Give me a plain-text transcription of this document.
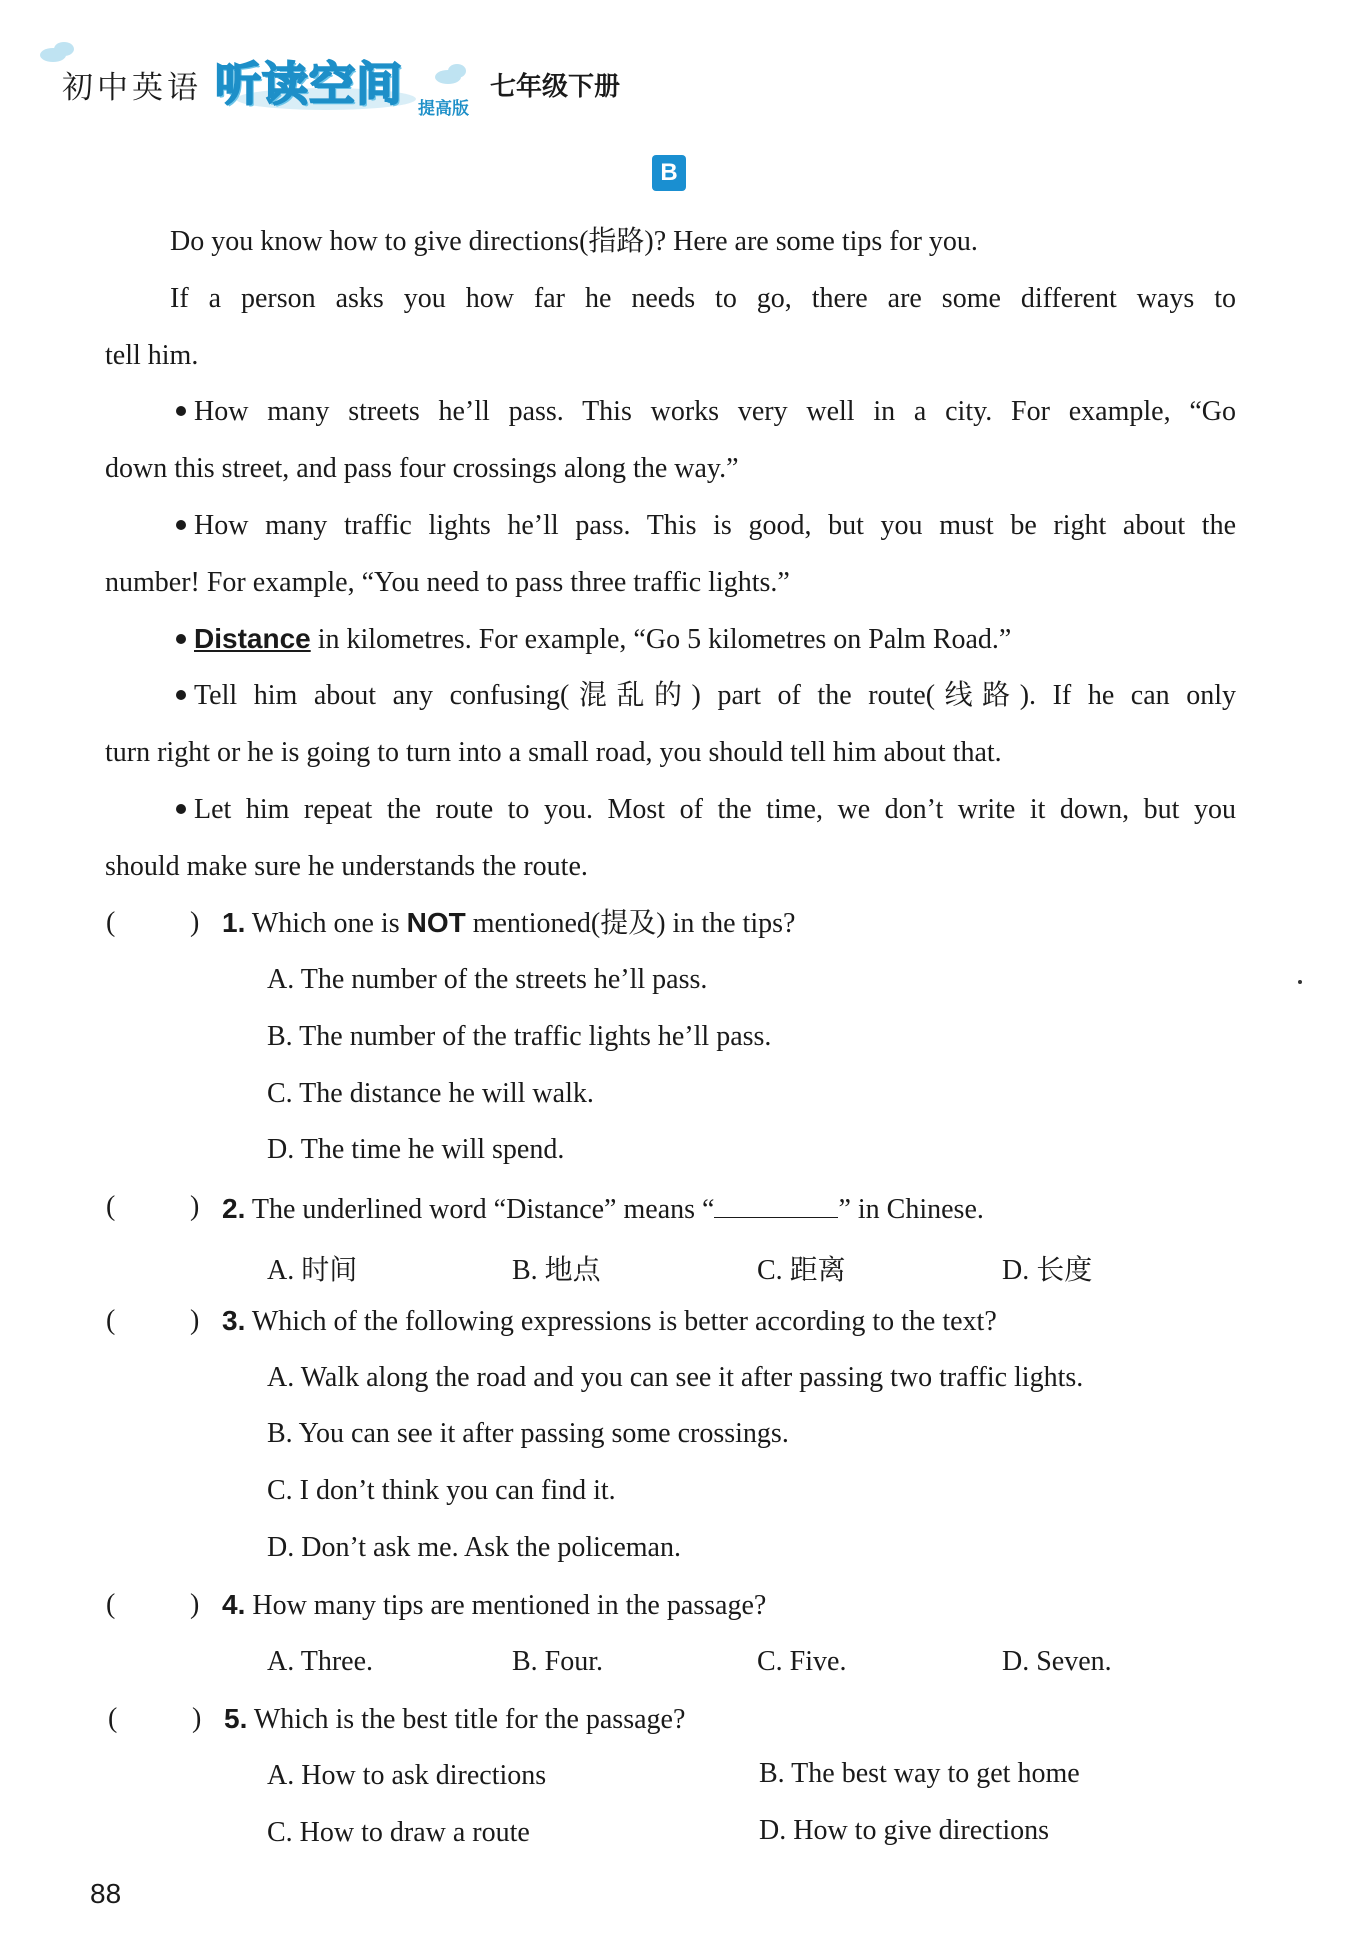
初中英语 听读空间 提高版
七年级下册
B
Do you know how to give directions(指路)? Here are some tips for you.
If a person asks you how far he needs to go, there are some different ways to
tell him.
How many streets he’ll pass. This works very well in a city. For example, “Go
down this street, and pass four crossings along the way.”
How many traffic lights he’ll pass. This is good, but you must be right about the
number! For example, “You need to pass three traffic lights.”
Distance in kilometres. For example, “Go 5 kilometres on Palm Road.”
Tell him about any confusing(混乱的) part of the route(线路). If he can only
turn right or he is going to turn into a small road, you should tell him about that.
Let him repeat the route to you. Most of the time, we don’t write it down, but you
should make sure he understands the route.
(	) 1. Which one is NOT mentioned(提及) in the tips?
A. The number of the streets he’ll pass.
B. The number of the traffic lights he’ll pass.
C. The distance he will walk.
D. The time he will spend.
(	) 2. The underlined word “Distance” means “	” in Chinese.
A. 时间	B. 地点	C. 距离	D. 长度
(	) 3. Which of the following expressions is better according to the text?
A. Walk along the road and you can see it after passing two traffic lights.
B. You can see it after passing some crossings.
C. I don’t think you can find it.
D. Don’t ask me. Ask the policeman.
(	) 4. How many tips are mentioned in the passage?
A. Three.	B. Four.	C. Five.	D. Seven.
(	) 5. Which is the best title for the passage?
A. How to ask directions	B. The best way to get home
C. How to draw a route	D. How to give directions
88
